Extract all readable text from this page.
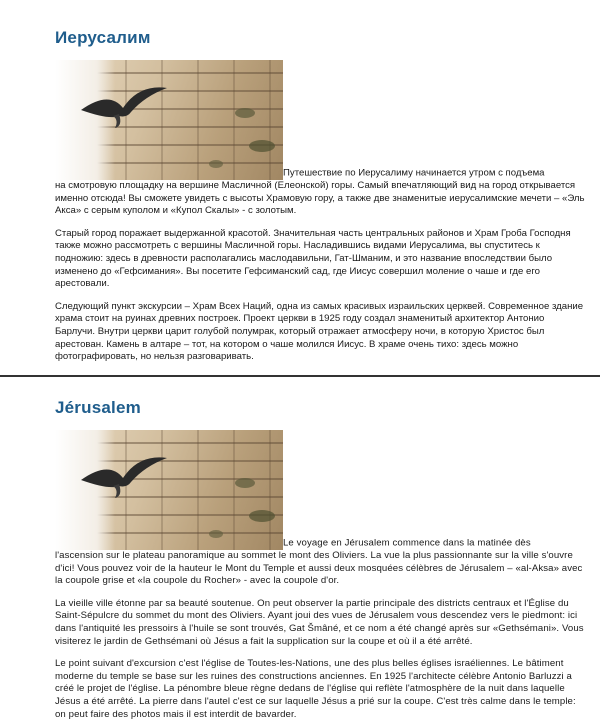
Иерусалим
Путешествие по Иерусалиму начинается утром с подъема
на смотровую площадку на вершине Масличной (Елеонской) горы. Самый впечатляющий вид на город открывается именно отсюда! Вы сможете увидеть с высоты Храмовую гору, а также две знаменитые иерусалимские мечети – «Эль Акса» с серым куполом и «Купол Скалы» - с золотым.
Старый город поражает выдержанной красотой. Значительная часть центральных районов и Храм Гроба Господня также можно рассмотреть с вершины Масличной горы. Насладившись видами Иерусалима, вы спуститесь к подножию: здесь в древности располагались маслодавильни, Гат-Шманим, и это название впоследствии было изменено до «Гефсимания». Вы посетите Гефсиманский сад, где Иисус совершил моление о чаше и где его арестовали.
Следующий пункт экскурсии – Храм Всех Наций, одна из самых красивых израильских церквей. Современное здание храма стоит на руинах древних построек. Проект церкви в 1925 году создал знаменитый архитектор Антонио Барлучи. Внутри церкви царит голубой полумрак, который отражает атмосферу ночи, в которую Христос был арестован. Камень в алтаре – тот, на котором о чаше молился Иисус. В храме очень тихо: здесь можно фотографировать, но нельзя разговаривать.
Jérusalem
Le voyage en Jérusalem commence dans la matinée dès
l'ascension sur le plateau panoramique au sommet le mont des Oliviers. La vue la plus passionnante sur la ville s'ouvre d'ici! Vous pouvez voir de la hauteur le Mont du Temple et aussi deux mosquées célèbres de Jérusalem – «al-Aksa» avec la coupole grise et «la coupole du Rocher» - avec la coupole d'or.
La vieille ville étonne par sa beauté soutenue. On peut observer la partie principale des districts centraux et l'Église du Saint-Sépulcre du sommet du mont des Oliviers. Ayant joui des vues de Jérusalem vous descendez vers le piedmont: ici dans l'antiquité les pressoirs à l'huile se sont trouvés, Gat Šmâné, et ce nom a été changé après sur «Gethsémani». Vous visiterez le jardin de Gethsémani où Jésus a fait la supplication sur la coupe et où il a été arrêté.
Le point suivant d'excursion c'est l'église de Toutes-les-Nations, une des plus belles églises israéliennes. Le bâtiment moderne du temple se base sur les ruines des constructions anciennes. En 1925 l'architecte célèbre Antonio Barluzzi a créé le projet de l'église. La pénombre bleue règne dedans de l'église qui reflète l'atmosphère de la nuit dans laquelle Jésus a été arrêté. La pierre dans l'autel c'est ce sur laquelle Jésus a prié sur la coupe. C'est très calme dans le temple: on peut faire des photos mais il est interdit de bavarder.
